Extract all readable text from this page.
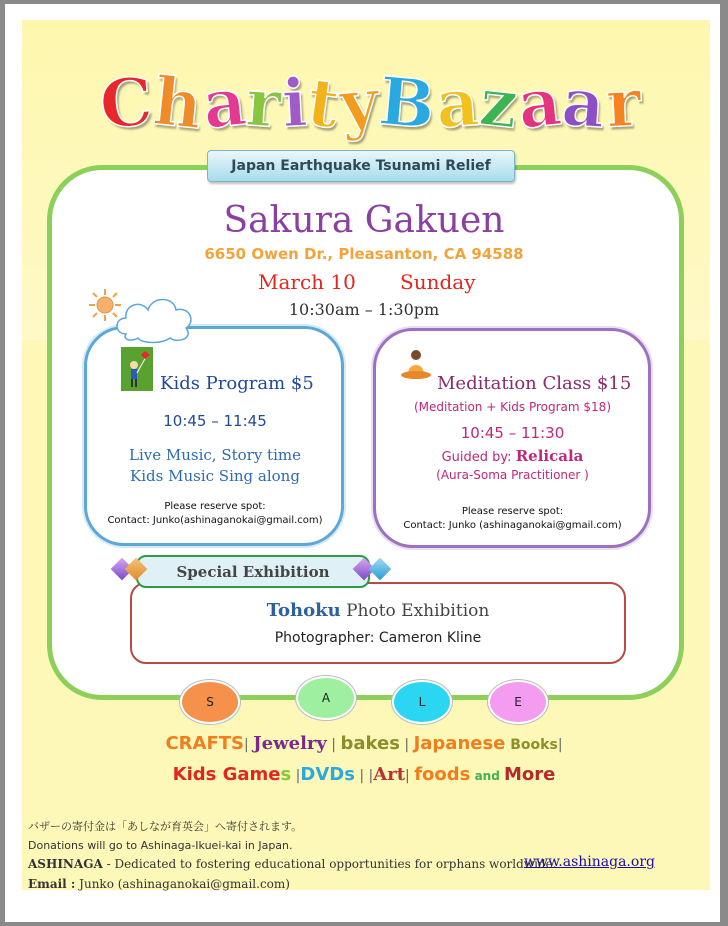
C
h
a
r
i
t
y
B
a
z
a
a
r
Japan Earthquake Tsunami Relief
Sakura Gakuen
6650 Owen Dr., Pleasanton, CA 94588
March 10 Sunday
10:30am – 1:30pm
Kids Program $5
10:45 – 11:45
Live Music, Story time
Kids Music Sing along
Please reserve spot:
Contact: Junko(ashinaganokai@gmail.com)
Meditation Class $15
(Meditation + Kids Program $18)
10:45 – 11:30
Guided by: Relicala
(Aura-Soma Practitioner )
Please reserve spot:
Contact: Junko (ashinaganokai@gmail.com)
Special Exhibition
Tohoku Photo Exhibition
Photographer: Cameron Kline
S	A	L	E
CRAFTS| Jewelry | bakes | Japanese Books|
Kids Games |DVDs | |Art| foods and More
バザーの寄付金は「あしなが育英会」へ寄付されます。
Donations will go to Ashinaga-Ikuei-kai in Japan.
ASHINAGA - Dedicated to fostering educational opportunities for orphans worldwide.
www.ashinaga.org
Email : Junko (ashinaganokai@gmail.com)
